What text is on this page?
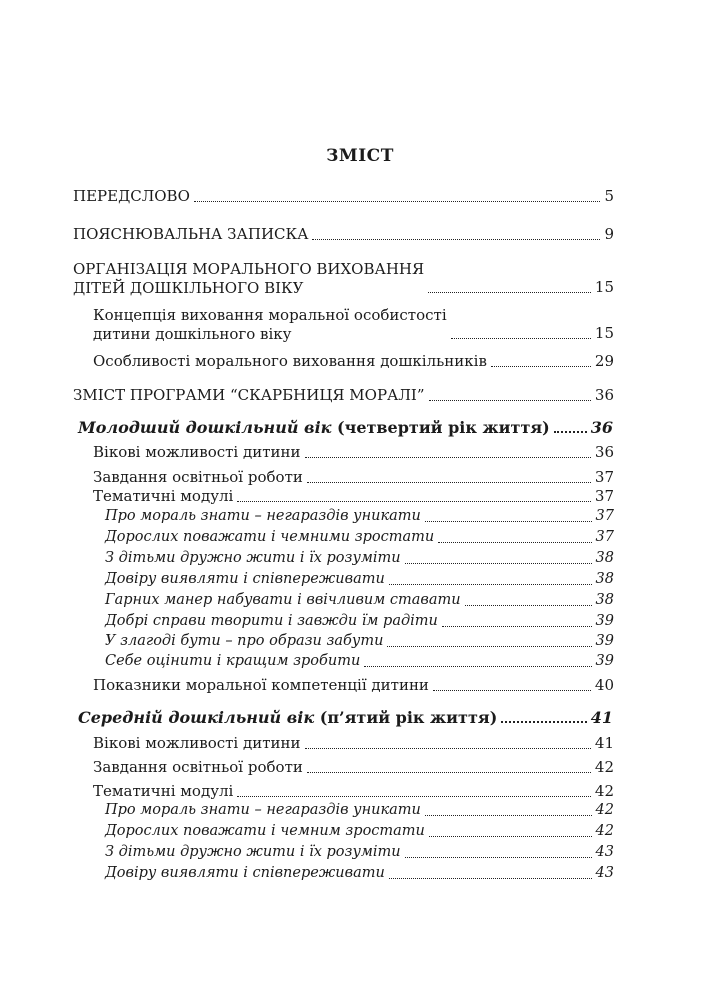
ЗМІСТ
ПЕРЕДСЛОВО	5
ПОЯСНЮВАЛЬНА ЗАПИСКА	9
ОРГАНІЗАЦІЯ МОРАЛЬНОГО ВИХОВАННЯ
ДІТЕЙ ДОШКІЛЬНОГО ВІКУ	15
Концепція виховання моральної особистості
дитини дошкільного віку	15
Особливості морального виховання дошкільників	29
ЗМІСТ ПРОГРАМИ “СКАРБНИЦЯ МОРАЛІ”	36
Молодший дошкільний вік (четвертий рік життя)	36
Вікові можливості дитини	36
Завдання освітньої роботи	37
Тематичні модулі	37
Про мораль знати – негараздів уникати	37
Дорослих поважати і чемними зростати	37
З дітьми дружно жити і їх розуміти	38
Довіру виявляти і співпереживати	38
Гарних манер набувати і ввічливим ставати	38
Добрі справи творити і завжди їм радіти	39
У злагоді бути – про образи забути	39
Себе оцінити і кращим зробити	39
Показники моральної компетенції дитини	40
Середній дошкільний вік (п’ятий рік життя)	41
Вікові можливості дитини	41
Завдання освітньої роботи	42
Тематичні модулі	42
Про мораль знати – негараздів уникати	42
Дорослих поважати і чемним зростати	42
З дітьми дружно жити і їх розуміти	43
Довіру виявляти і співпереживати	43
